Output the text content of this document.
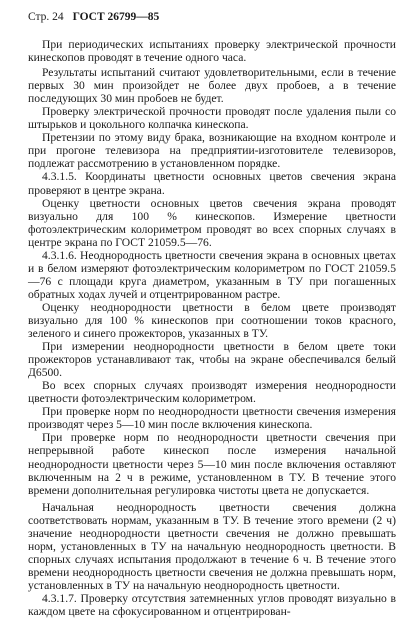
Стр. 24 ГОСТ 26799—85

При периодических испытаниях проверку электрической прочности кинескопов проводят в течение одного часа.

Результаты испытаний считают удовлетворительными, если в течение первых 30 мин произойдет не более двух пробоев, а в течение последующих 30 мин пробоев не будет.

Проверку электрической прочности проводят после удаления пыли со штырьков и цокольного колпачка кинескопа.

Претензии по этому виду брака, возникающие на входном контроле и при прогоне телевизора на предприятии-изготовителе телевизоров, подлежат рассмотрению в установленном порядке.

4.3.1.5. Координаты цветности основных цветов свечения экрана проверяют в центре экрана.

Оценку цветности основных цветов свечения экрана проводят визуально для 100 % кинескопов. Измерение цветности фотоэлектрическим колориметром проводят во всех спорных случаях в центре экрана по ГОСТ 21059.5—76.

4.3.1.6. Неоднородность цветности свечения экрана в основных цветах и в белом измеряют фотоэлектрическим колориметром по ГОСТ 21059.5—76 с площади круга диаметром, указанным в ТУ при погашенных обратных ходах лучей и отцентрированном растре.

Оценку неоднородности цветности в белом цвете производят визуально для 100 % кинескопов при соотношении токов красного, зеленого и синего прожекторов, указанных в ТУ.

При измерении неоднородности цветности в белом цвете токи прожекторов устанавливают так, чтобы на экране обеспечивался белый Д6500.

Во всех спорных случаях производят измерения неоднородности цветности фотоэлектрическим колориметром.

При проверке норм по неоднородности цветности свечения измерения производят через 5—10 мин после включения кинескопа.

При проверке норм по неоднородности цветности свечения при непрерывной работе кинескоп после измерения начальной неоднородности цветности через 5—10 мин после включения оставляют включенным на 2 ч в режиме, установленном в ТУ. В течение этого времени дополнительная регулировка чистоты цвета не допускается.

Начальная неоднородность цветности свечения должна соответствовать нормам, указанным в ТУ. В течение этого времени (2 ч) значение неоднородности цветности свечения не должно превышать норм, установленных в ТУ на начальную неоднородность цветности. В спорных случаях испытания продолжают в течение 6 ч. В течение этого времени неоднородность цветности свечения не должна превышать норм, установленных в ТУ на начальную неоднородность цветности.

4.3.1.7. Проверку отсутствия затемненных углов проводят визуально в каждом цвете на сфокусированном и отцентрирован-
